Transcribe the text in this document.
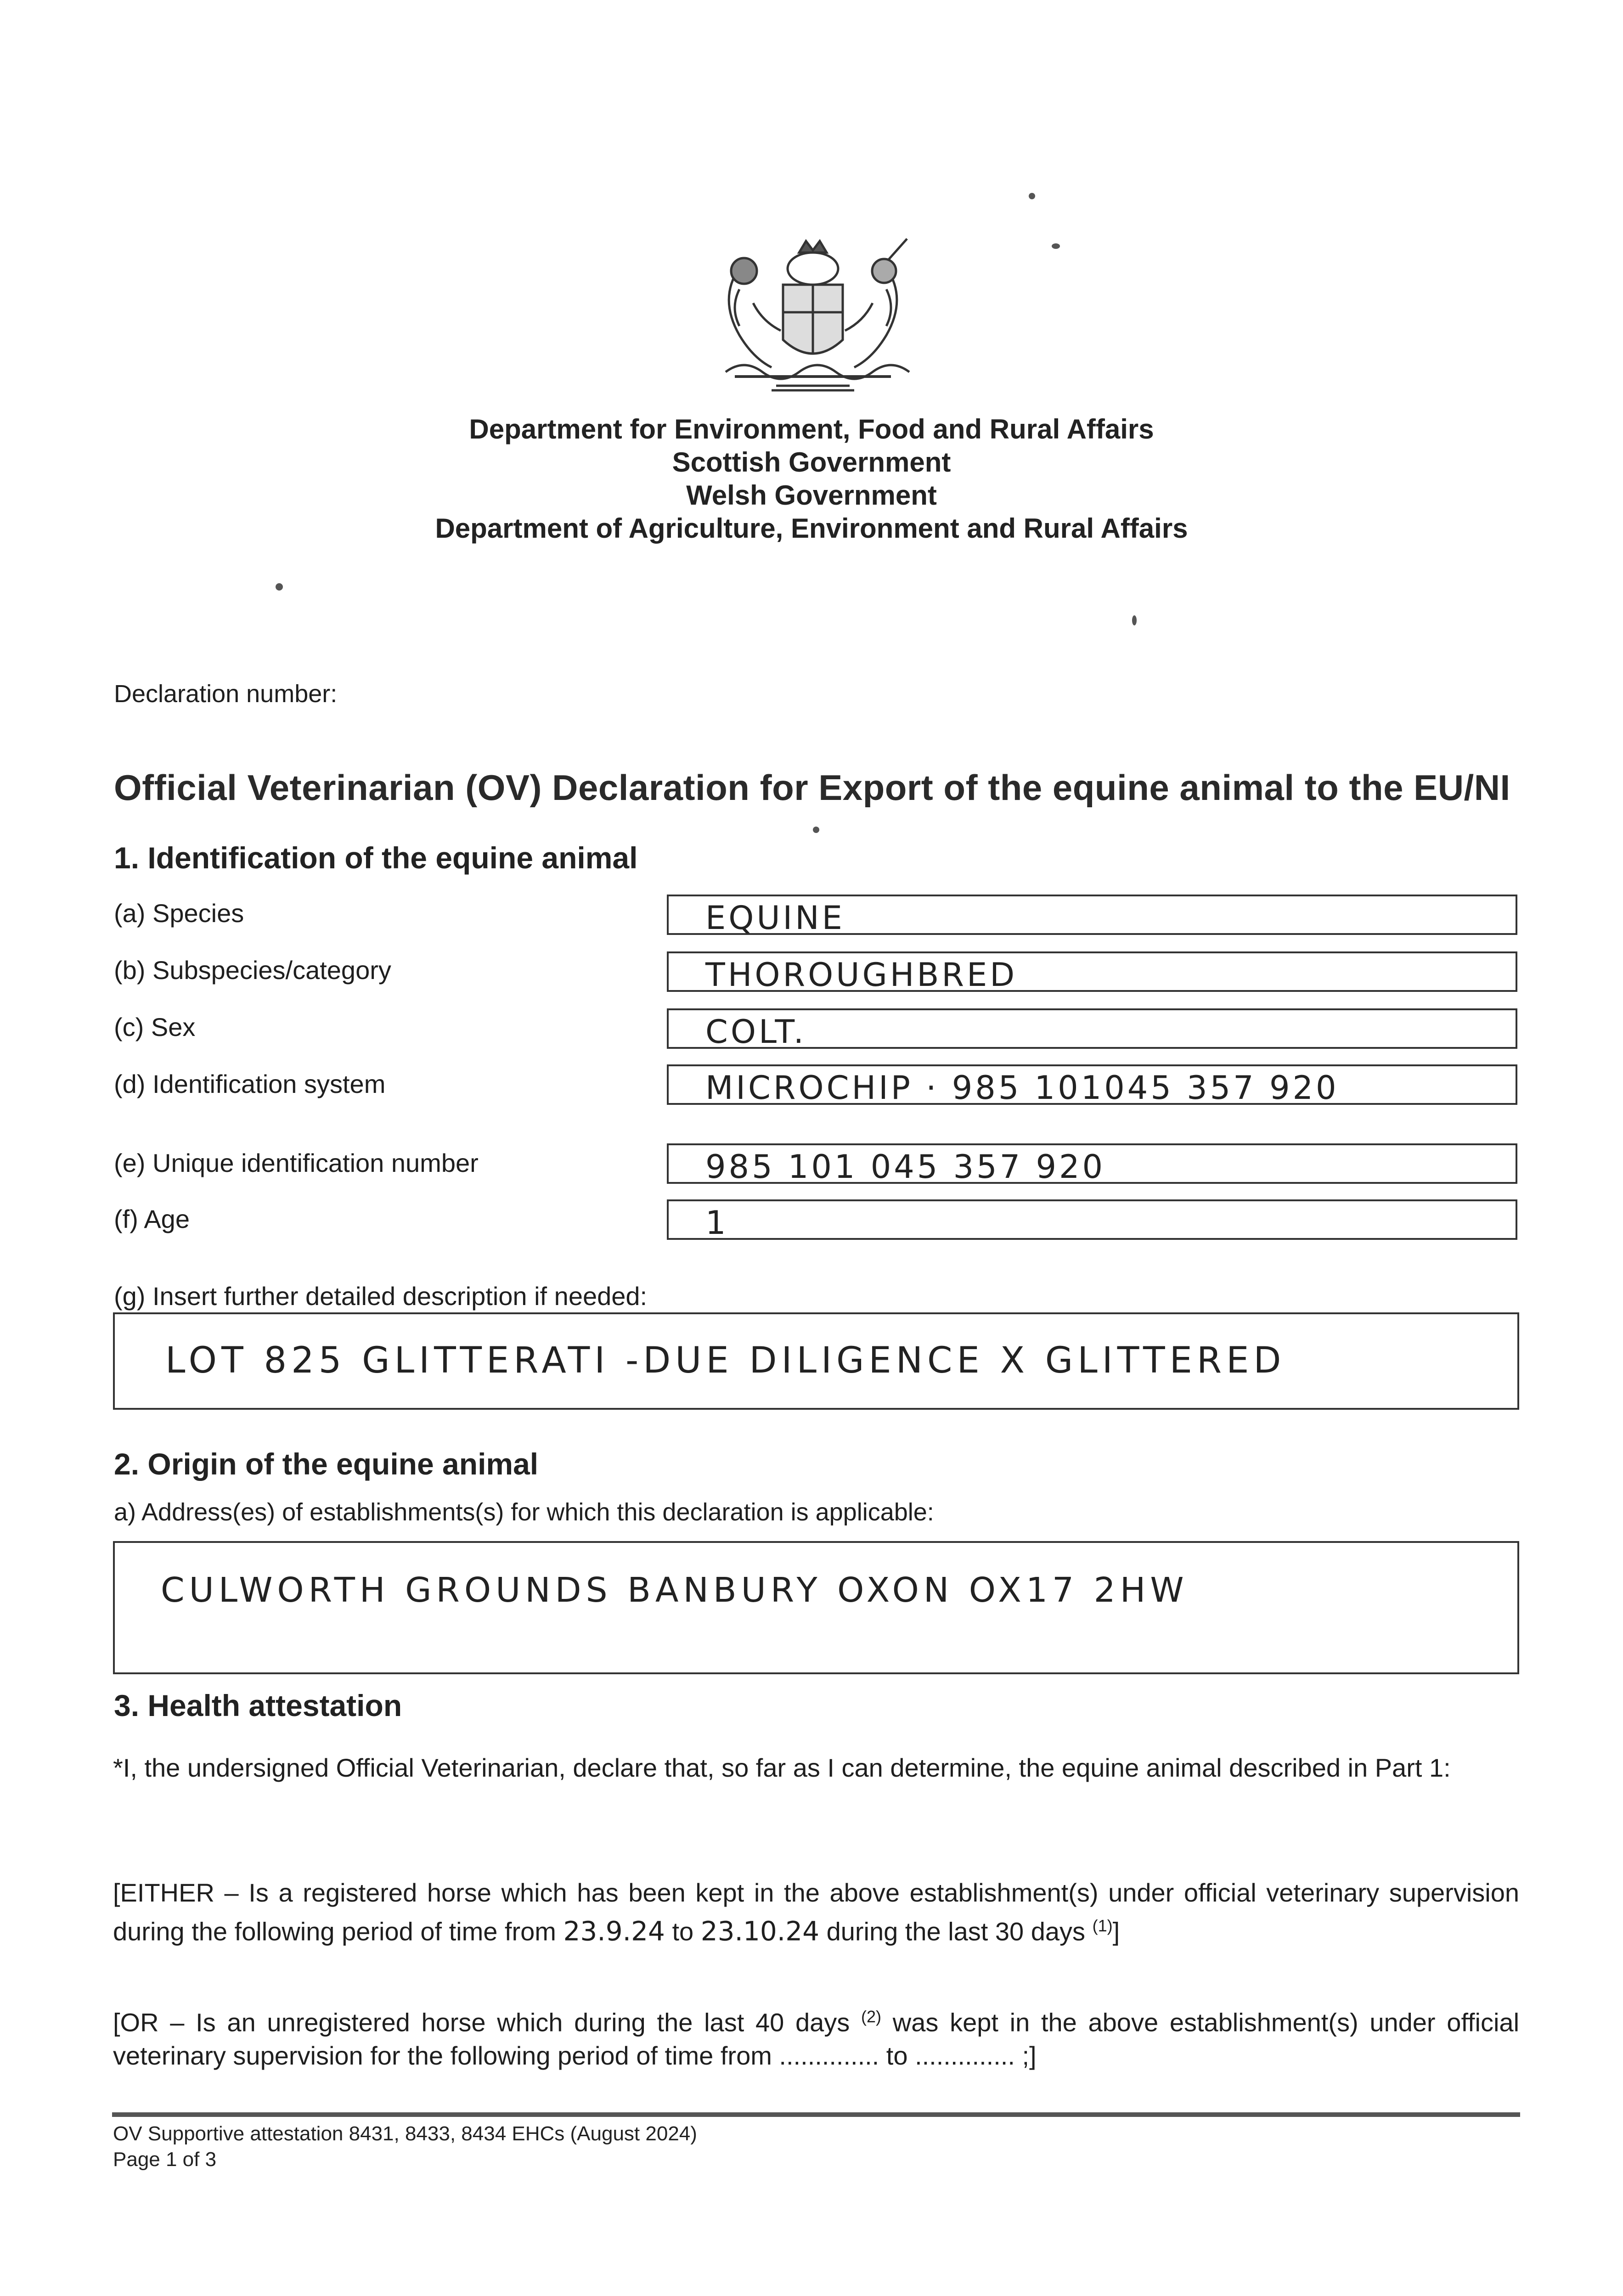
Department for Environment, Food and Rural Affairs
Scottish Government
Welsh Government
Department of Agriculture, Environment and Rural Affairs
Declaration number:
Official Veterinarian (OV) Declaration for Export of the equine animal to the EU/NI
1. Identification of the equine animal
(a) Species	EQUINE
(b) Subspecies/category	THOROUGHBRED
(c) Sex	COLT.
(d) Identification system	MICROCHIP · 985 101045 357 920
(e) Unique identification number	985 101 045 357 920
(f) Age	1
(g) Insert further detailed description if needed:
LOT 825 GLITTERATI -DUE DILIGENCE X GLITTERED
2. Origin of the equine animal
a) Address(es) of establishments(s) for which this declaration is applicable:
CULWORTH GROUNDS BANBURY OXON OX17 2HW
3. Health attestation
*I, the undersigned Official Veterinarian, declare that, so far as I can determine, the equine animal described in Part 1:
[EITHER – Is a registered horse which has been kept in the above establishment(s) under official veterinary supervision during the following period of time from 23.9.24 to 23.10.24 during the last 30 days $^{(1)}$]
[OR – Is an unregistered horse which during the last 40 days $^{(2)}$ was kept in the above establishment(s) under official veterinary supervision for the following period of time from .............. to .............. ;]
OV Supportive attestation 8431, 8433, 8434 EHCs (August 2024)
Page 1 of 3
